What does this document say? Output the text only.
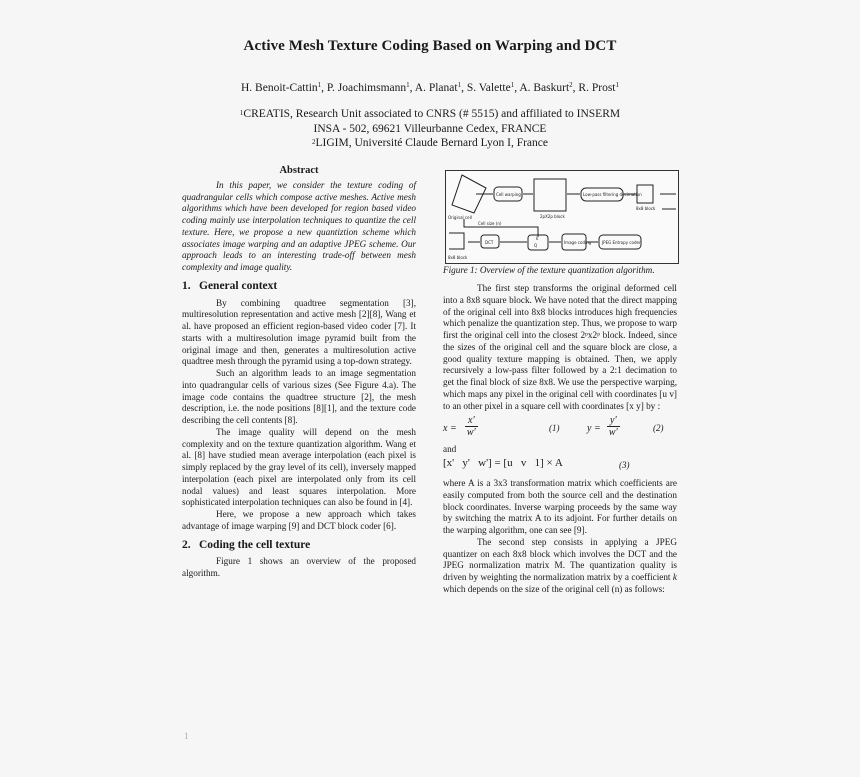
Active Mesh Texture Coding Based on Warping and DCT
H. Benoit-Cattin$^1$, P. Joachimsmann$^1$, A. Planat$^1$, S. Valette$^1$, A. Baskurt$^2$, R. Prost$^1$
$^1$CREATIS, Research Unit associated to CNRS (# 5515) and affiliated to INSERM
INSA - 502, 69621 Villeurbanne Cedex, FRANCE
$^2$LIGIM, Université Claude Bernard Lyon I, France
Abstract

In this paper, we consider the texture coding of quadrangular cells which compose active meshes. Active mesh algorithms which have been developed for region based video coding mainly use interpolation techniques to quantize the cell texture. Here, we propose a new quantiztion scheme which associates image warping and an adaptive JPEG scheme. Our approach leads to an interesting trade-off between mesh complexity and image quality.

1. General context

By combining quadtree segmentation [3], multiresolution representation and active mesh [2][8], Wang et al. have proposed an efficient region-based video coder [7]. It starts with a multiresolution image pyramid built from the original image and then, generates a multiresolution active quadtree mesh through the pyramid using a top-down strategy.

Such an algorithm leads to an image segmentation into quadrangular cells of various sizes (See Figure 4.a). The image code contains the quadtree structure [2], the mesh description, i.e. the node positions [8][1], and the texture code describing the cell contents [8].

The image quality will depend on the mesh complexity and on the texture quantization algorithm. Wang et al. [8] have studied mean average interpolation (each pixel is simply replaced by the gray level of its cell), inversely mapped interpolation (each pixel are interpolated only from its cell nodal values) and least squares interpolation. More sophisticated interpolation techniques can also be found in [4].

Here, we propose a new approach which takes advantage of image warping [9] and DCT block coder [6].

2. Coding the cell texture

Figure 1 shows an overview of the proposed algorithm.

Original cell
Cell warping
2pX2p block
Low-pass filtering decimation
8x8 block
Cell size (n)
8x8 block
DCT
k
Q
Image coding	JPEG Entropy coder
Figure 1: Overview of the texture quantization algorithm.

The first step transforms the original deformed cell into a 8x8 square block. We have noted that the direct mapping of the original cell into 8x8 blocks introduces high frequencies which penalize the quantization step. Thus, we propose to warp first the original cell into the closest 2ᵖx2ᵖ block. Indeed, since the sizes of the original cell and the square block are close, a good quality texture mapping is obtained. Then, we apply recursively a low-pass filter followed by a 2:1 decimation to get the final block of size 8x8. We use the perspective warping, which maps any pixel in the original cell with coordinates [u v] to an other pixel in a square cell with coordinates [x y] by :

$x = \frac{x'}{w'}$	(1)	$y = \frac{y'}{w'}$	(2)
and
[x'   y'   w'] = [u   v   1] × A	(3)

where A is a 3x3 transformation matrix which coefficients are easily computed from both the source cell and the destination block coordinates. Inverse warping proceeds by the same way by switching the matrix A to its adjoint. For further details on the warping algorithm, one can see [9].

The second step consists in applying a JPEG quantizer on each 8x8 block which involves the DCT and the JPEG normalization matrix M. The quantization quality is driven by weighting the normalization matrix by a coefficient k which depends on the size of the original cell (n) as follows:

1
